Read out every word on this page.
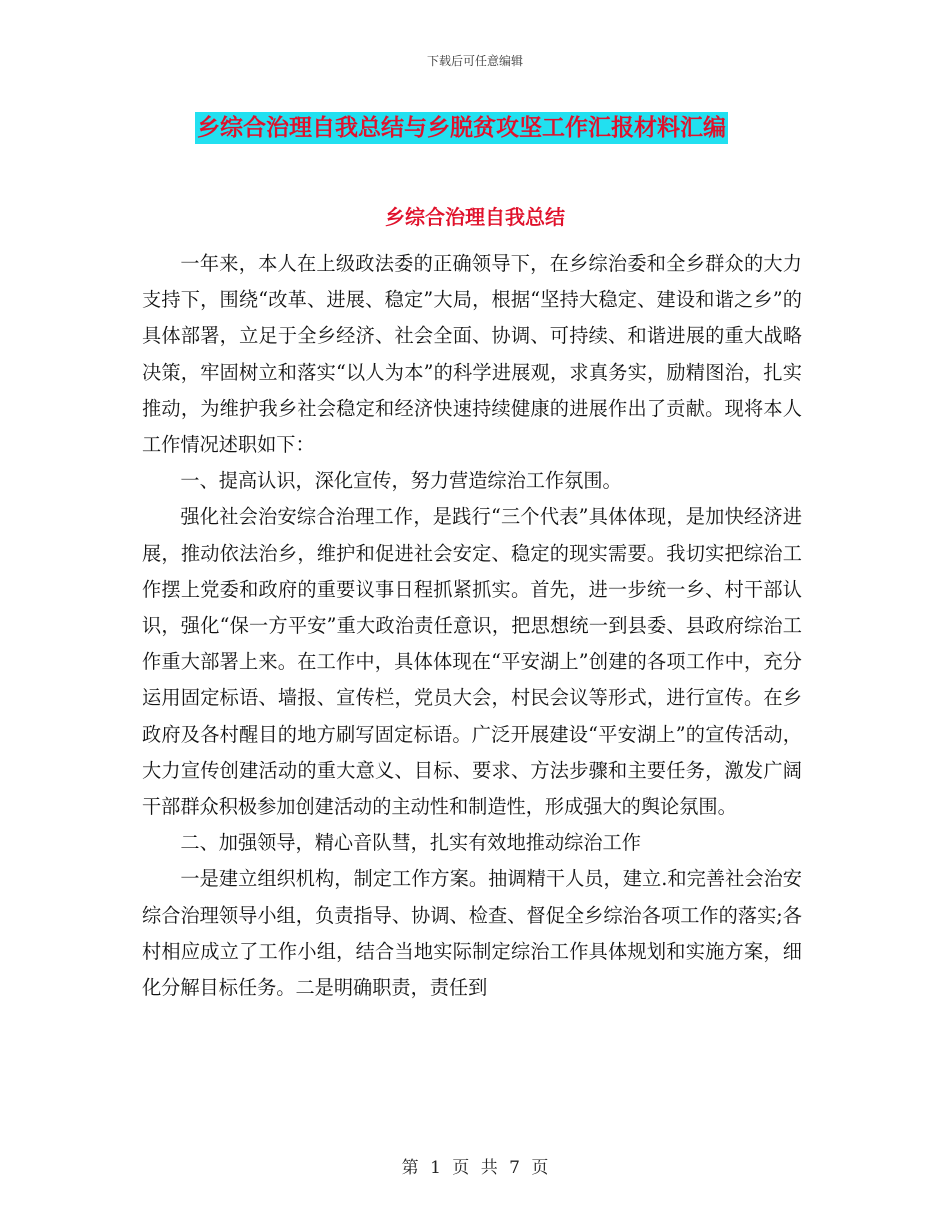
下载后可任意编辑
乡综合治理自我总结与乡脱贫攻坚工作汇报材料汇编
乡综合治理自我总结

一年来，本人在上级政法委的正确领导下，在乡综治委和全乡群众的大力支持下，围绕“改革、进展、稳定”大局，根据“坚持大稳定、建设和谐之乡”的具体部署，立足于全乡经济、社会全面、协调、可持续、和谐进展的重大战略决策，牢固树立和落实“以人为本”的科学进展观，求真务实，励精图治，扎实推动，为维护我乡社会稳定和经济快速持续健康的进展作出了贡献。现将本人工作情况述职如下：

一、提高认识，深化宣传，努力营造综治工作氛围。

强化社会治安综合治理工作，是践行“三个代表”具体体现，是加快经济进展，推动依法治乡，维护和促进社会安定、稳定的现实需要。我切实把综治工作摆上党委和政府的重要议事日程抓紧抓实。首先，进一步统一乡、村干部认识，强化“保一方平安”重大政治责任意识，把思想统一到县委、县政府综治工作重大部署上来。在工作中，具体体现在“平安湖上”创建的各项工作中，充分运用固定标语、墙报、宣传栏，党员大会，村民会议等形式，进行宣传。在乡政府及各村醒目的地方刷写固定标语。广泛开展建设“平安湖上”的宣传活动，大力宣传创建活动的重大意义、目标、要求、方法步骤和主要任务，激发广阔干部群众积极参加创建活动的主动性和制造性，形成强大的舆论氛围。

二、加强领导，精心音队彗，扎实有效地推动综治工作

一是建立组织机构，制定工作方案。抽调精干人员，建立.和完善社会治安综合治理领导小组，负责指导、协调、检查、督促全乡综治各项工作的落实;各村相应成立了工作小组，结合当地实际制定综治工作具体规划和实施方案，细化分解目标任务。二是明确职责，责任到

第 1 页 共 7 页
